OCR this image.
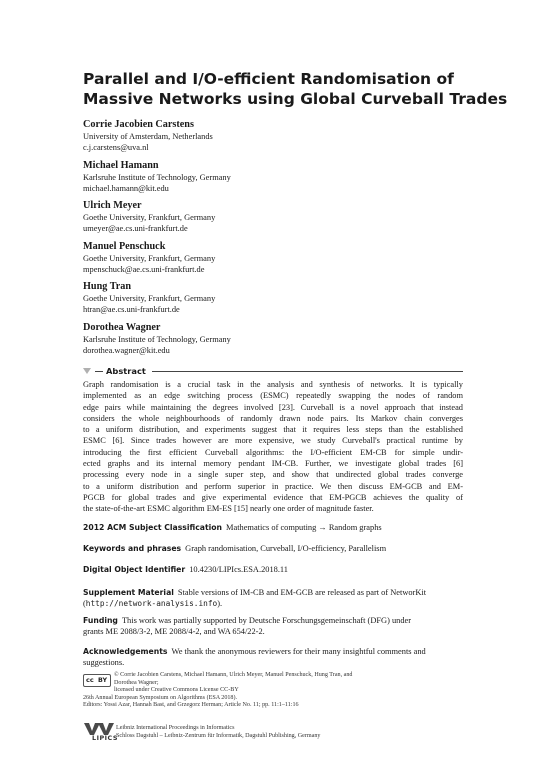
Parallel and I/O-efficient Randomisation of
Massive Networks using Global Curveball Trades
Corrie Jacobien Carstens
University of Amsterdam, Netherlands
c.j.carstens@uva.nl
Michael Hamann
Karlsruhe Institute of Technology, Germany
michael.hamann@kit.edu
Ulrich Meyer
Goethe University, Frankfurt, Germany
umeyer@ae.cs.uni-frankfurt.de
Manuel Penschuck
Goethe University, Frankfurt, Germany
mpenschuck@ae.cs.uni-frankfurt.de
Hung Tran
Goethe University, Frankfurt, Germany
htran@ae.cs.uni-frankfurt.de
Dorothea Wagner
Karlsruhe Institute of Technology, Germany
dorothea.wagner@kit.edu
Abstract
Graph randomisation is a crucial task in the analysis and synthesis of networks. It is typically
implemented as an edge switching process (ESMC) repeatedly swapping the nodes of random
edge pairs while maintaining the degrees involved [23]. Curveball is a novel approach that instead
considers the whole neighbourhoods of randomly drawn node pairs. Its Markov chain converges
to a uniform distribution, and experiments suggest that it requires less steps than the established
ESMC [6]. Since trades however are more expensive, we study Curveball's practical runtime by
introducing the first efficient Curveball algorithms: the I/O-efficient EM-CB for simple undir-
ected graphs and its internal memory pendant IM-CB. Further, we investigate global trades [6]
processing every node in a single super step, and show that undirected global trades converge
to a uniform distribution and perform superior in practice. We then discuss EM-GCB and EM-
PGCB for global trades and give experimental evidence that EM-PGCB achieves the quality of
the state-of-the-art ESMC algorithm EM-ES [15] nearly one order of magnitude faster.
2012 ACM Subject Classification Mathematics of computing → Random graphs
Keywords and phrases Graph randomisation, Curveball, I/O-efficiency, Parallelism
Digital Object Identifier 10.4230/LIPIcs.ESA.2018.11
Supplement Material Stable versions of IM-CB and EM-GCB are released as part of NetworKit
(http://network-analysis.info).
Funding This work was partially supported by Deutsche Forschungsgemeinschaft (DFG) under
grants ME 2088/3-2, ME 2088/4-2, and WA 654/22-2.
Acknowledgements We thank the anonymous reviewers for their many insightful comments and
suggestions.
cc BY
© Corrie Jacobien Carstens, Michael Hamann, Ulrich Meyer, Manuel Penschuck, Hung Tran, and
Dorothea Wagner;
licensed under Creative Commons License CC-BY
26th Annual European Symposium on Algorithms (ESA 2018).
Editors: Yossi Azar, Hannah Bast, and Grzegorz Herman; Article No. 11; pp. 11:1–11:16
LIPICS
Leibniz International Proceedings in Informatics
Schloss Dagstuhl – Leibniz-Zentrum für Informatik, Dagstuhl Publishing, Germany
